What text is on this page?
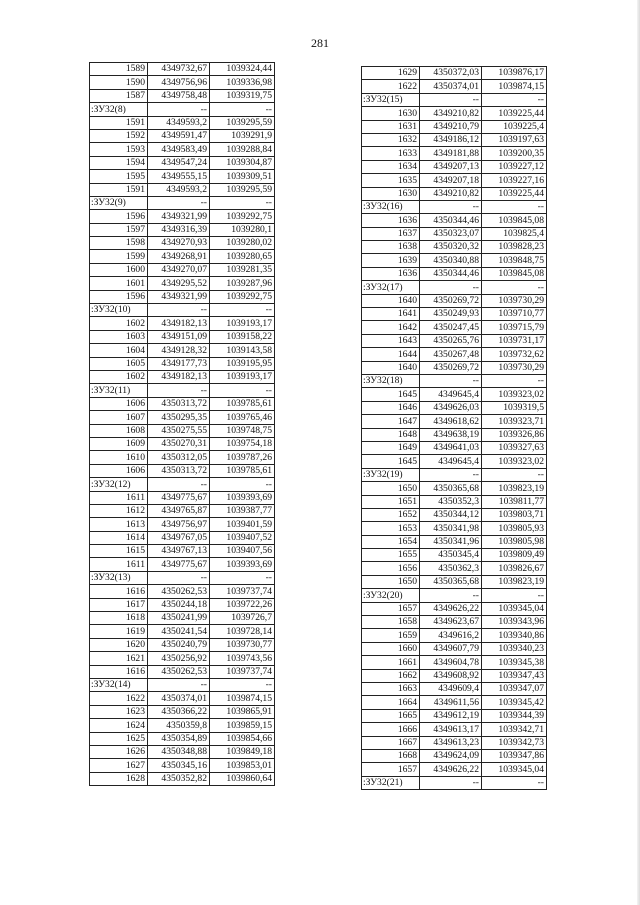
281
1589	4349732,67	1039324,44
1590	4349756,96	1039336,98
1587	4349758,48	1039319,75
:ЗУ32(8)	--	--
1591	4349593,2	1039295,59
1592	4349591,47	1039291,9
1593	4349583,49	1039288,84
1594	4349547,24	1039304,87
1595	4349555,15	1039309,51
1591	4349593,2	1039295,59
:ЗУ32(9)	--	--
1596	4349321,99	1039292,75
1597	4349316,39	1039280,1
1598	4349270,93	1039280,02
1599	4349268,91	1039280,65
1600	4349270,07	1039281,35
1601	4349295,52	1039287,96
1596	4349321,99	1039292,75
:ЗУ32(10)	--	--
1602	4349182,13	1039193,17
1603	4349151,09	1039158,22
1604	4349128,32	1039143,58
1605	4349177,73	1039195,95
1602	4349182,13	1039193,17
:ЗУ32(11)	--	--
1606	4350313,72	1039785,61
1607	4350295,35	1039765,46
1608	4350275,55	1039748,75
1609	4350270,31	1039754,18
1610	4350312,05	1039787,26
1606	4350313,72	1039785,61
:ЗУ32(12)	--	--
1611	4349775,67	1039393,69
1612	4349765,87	1039387,77
1613	4349756,97	1039401,59
1614	4349767,05	1039407,52
1615	4349767,13	1039407,56
1611	4349775,67	1039393,69
:ЗУ32(13)	--	--
1616	4350262,53	1039737,74
1617	4350244,18	1039722,26
1618	4350241,99	1039726,7
1619	4350241,54	1039728,14
1620	4350240,79	1039730,77
1621	4350256,92	1039743,56
1616	4350262,53	1039737,74
:ЗУ32(14)	--	--
1622	4350374,01	1039874,15
1623	4350366,22	1039865,91
1624	4350359,8	1039859,15
1625	4350354,89	1039854,66
1626	4350348,88	1039849,18
1627	4350345,16	1039853,01
1628	4350352,82	1039860,64
1629	4350372,03	1039876,17
1622	4350374,01	1039874,15
:ЗУ32(15)	--	--
1630	4349210,82	1039225,44
1631	4349210,79	1039225,4
1632	4349186,12	1039197,63
1633	4349181,88	1039200,35
1634	4349207,13	1039227,12
1635	4349207,18	1039227,16
1630	4349210,82	1039225,44
:ЗУ32(16)	--	--
1636	4350344,46	1039845,08
1637	4350323,07	1039825,4
1638	4350320,32	1039828,23
1639	4350340,88	1039848,75
1636	4350344,46	1039845,08
:ЗУ32(17)	--	--
1640	4350269,72	1039730,29
1641	4350249,93	1039710,77
1642	4350247,45	1039715,79
1643	4350265,76	1039731,17
1644	4350267,48	1039732,62
1640	4350269,72	1039730,29
:ЗУ32(18)	--	--
1645	4349645,4	1039323,02
1646	4349626,03	1039319,5
1647	4349618,62	1039323,71
1648	4349638,19	1039326,86
1649	4349641,03	1039327,63
1645	4349645,4	1039323,02
:ЗУ32(19)	--	--
1650	4350365,68	1039823,19
1651	4350352,3	1039811,77
1652	4350344,12	1039803,71
1653	4350341,98	1039805,93
1654	4350341,96	1039805,98
1655	4350345,4	1039809,49
1656	4350362,3	1039826,67
1650	4350365,68	1039823,19
:ЗУ32(20)	--	--
1657	4349626,22	1039345,04
1658	4349623,67	1039343,96
1659	4349616,2	1039340,86
1660	4349607,79	1039340,23
1661	4349604,78	1039345,38
1662	4349608,92	1039347,43
1663	4349609,4	1039347,07
1664	4349611,56	1039345,42
1665	4349612,19	1039344,39
1666	4349613,17	1039342,71
1667	4349613,23	1039342,73
1668	4349624,09	1039347,86
1657	4349626,22	1039345,04
:ЗУ32(21)	--	--
